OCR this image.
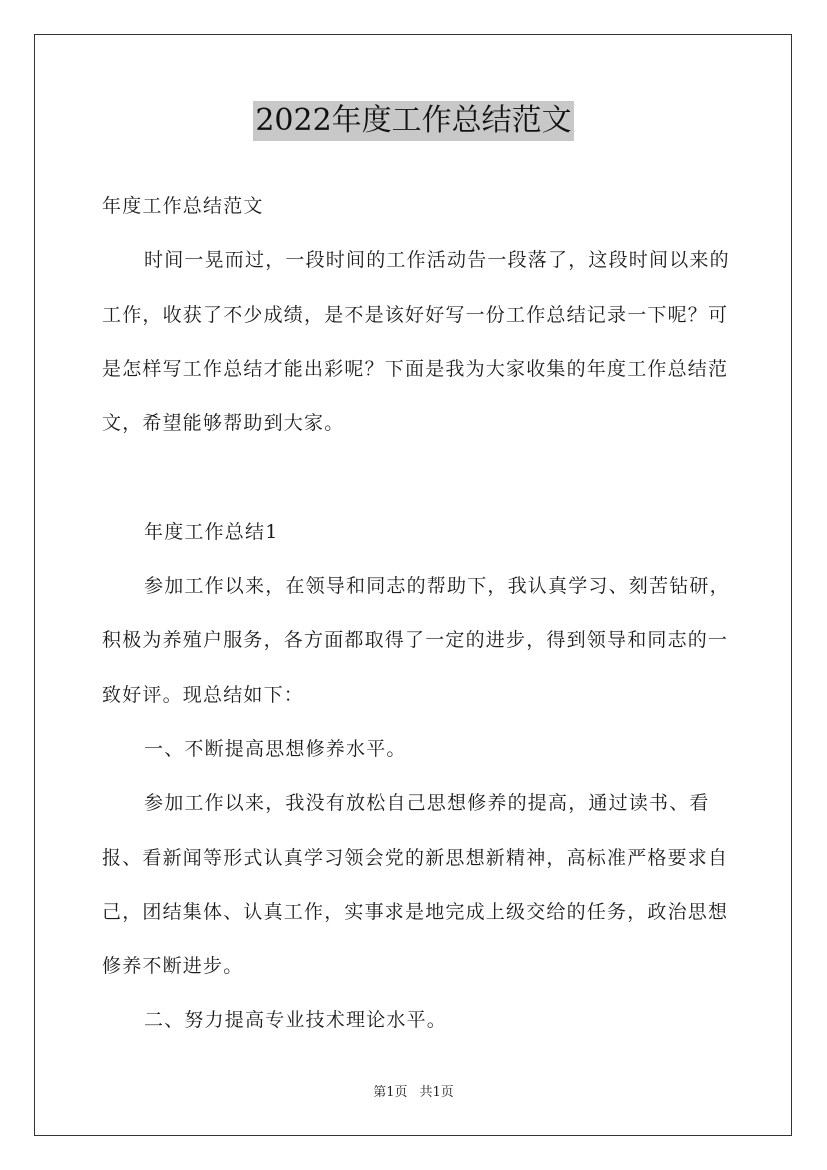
2022年度工作总结范文

年度工作总结范文

时间一晃而过，一段时间的工作活动告一段落了，这段时间以来的工作，收获了不少成绩，是不是该好好写一份工作总结记录一下呢？可是怎样写工作总结才能出彩呢？下面是我为大家收集的年度工作总结范文，希望能够帮助到大家。

年度工作总结1

参加工作以来，在领导和同志的帮助下，我认真学习、刻苦钻研，积极为养殖户服务，各方面都取得了一定的进步，得到领导和同志的一致好评。现总结如下：

一、不断提高思想修养水平。

参加工作以来，我没有放松自己思想修养的提高，通过读书、看报、看新闻等形式认真学习领会党的新思想新精神，高标准严格要求自己，团结集体、认真工作，实事求是地完成上级交给的任务，政治思想修养不断进步。

二、努力提高专业技术理论水平。

第1页 共1页
